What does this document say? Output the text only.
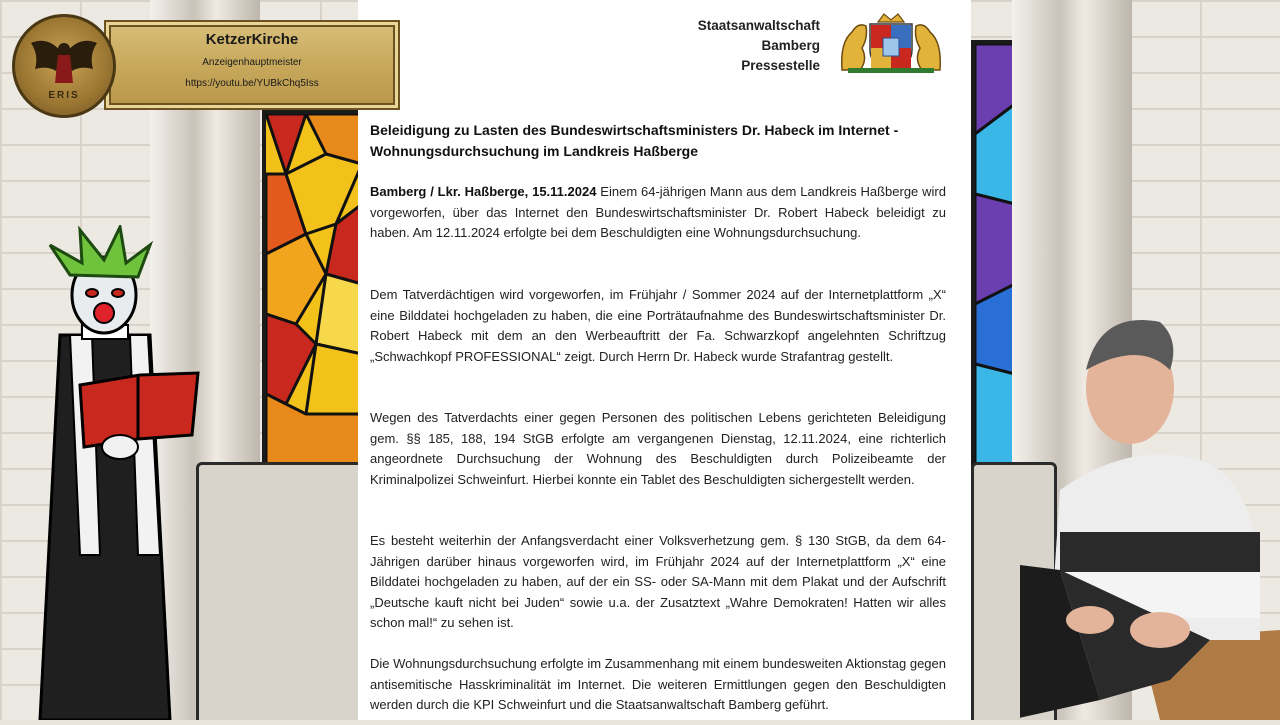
Staatsanwaltschaft
Bamberg
Pressestelle
Beleidigung zu Lasten des Bundeswirtschaftsministers Dr. Habeck im Internet - Wohnungsdurchsuchung im Landkreis Haßberge
Bamberg / Lkr. Haßberge, 15.11.2024 Einem 64-jährigen Mann aus dem Landkreis Haßberge wird vorgeworfen, über das Internet den Bundeswirtschaftsminister Dr. Robert Habeck beleidigt zu haben. Am 12.11.2024 erfolgte bei dem Beschuldigten eine Wohnungsdurchsuchung.
Dem Tatverdächtigen wird vorgeworfen, im Frühjahr / Sommer 2024 auf der Internetplattform „X“ eine Bilddatei hochgeladen zu haben, die eine Porträtaufnahme des Bundeswirtschaftsminister Dr. Robert Habeck mit dem an den Werbeauftritt der Fa. Schwarzkopf angelehnten Schriftzug „Schwachkopf PROFESSIONAL“ zeigt. Durch Herrn Dr. Habeck wurde Strafantrag gestellt.
Wegen des Tatverdachts einer gegen Personen des politischen Lebens gerichteten Beleidigung gem. §§ 185, 188, 194 StGB erfolgte am vergangenen Dienstag, 12.11.2024, eine richterlich angeordnete Durchsuchung der Wohnung des Beschuldigten durch Polizeibeamte der Kriminalpolizei Schweinfurt. Hierbei konnte ein Tablet des Beschuldigten sichergestellt werden.
Es besteht weiterhin der Anfangsverdacht einer Volksverhetzung gem. § 130 StGB, da dem 64-Jährigen darüber hinaus vorgeworfen wird, im Frühjahr 2024 auf der Internetplattform „X“ eine Bilddatei hochgeladen zu haben, auf der ein SS- oder SA-Mann mit dem Plakat und der Aufschrift „Deutsche kauft nicht bei Juden“ sowie u.a. der Zusatztext „Wahre Demokraten! Hatten wir alles schon mal!“ zu sehen ist.
Die Wohnungsdurchsuchung erfolgte im Zusammenhang mit einem bundesweiten Aktionstag gegen antisemitische Hasskriminalität im Internet. Die weiteren Ermittlungen gegen den Beschuldigten werden durch die KPI Schweinfurt und die Staatsanwaltschaft Bamberg geführt.
KetzerKirche
Anzeigenhauptmeister
https://youtu.be/YUBkChq5Iss
ERIS
